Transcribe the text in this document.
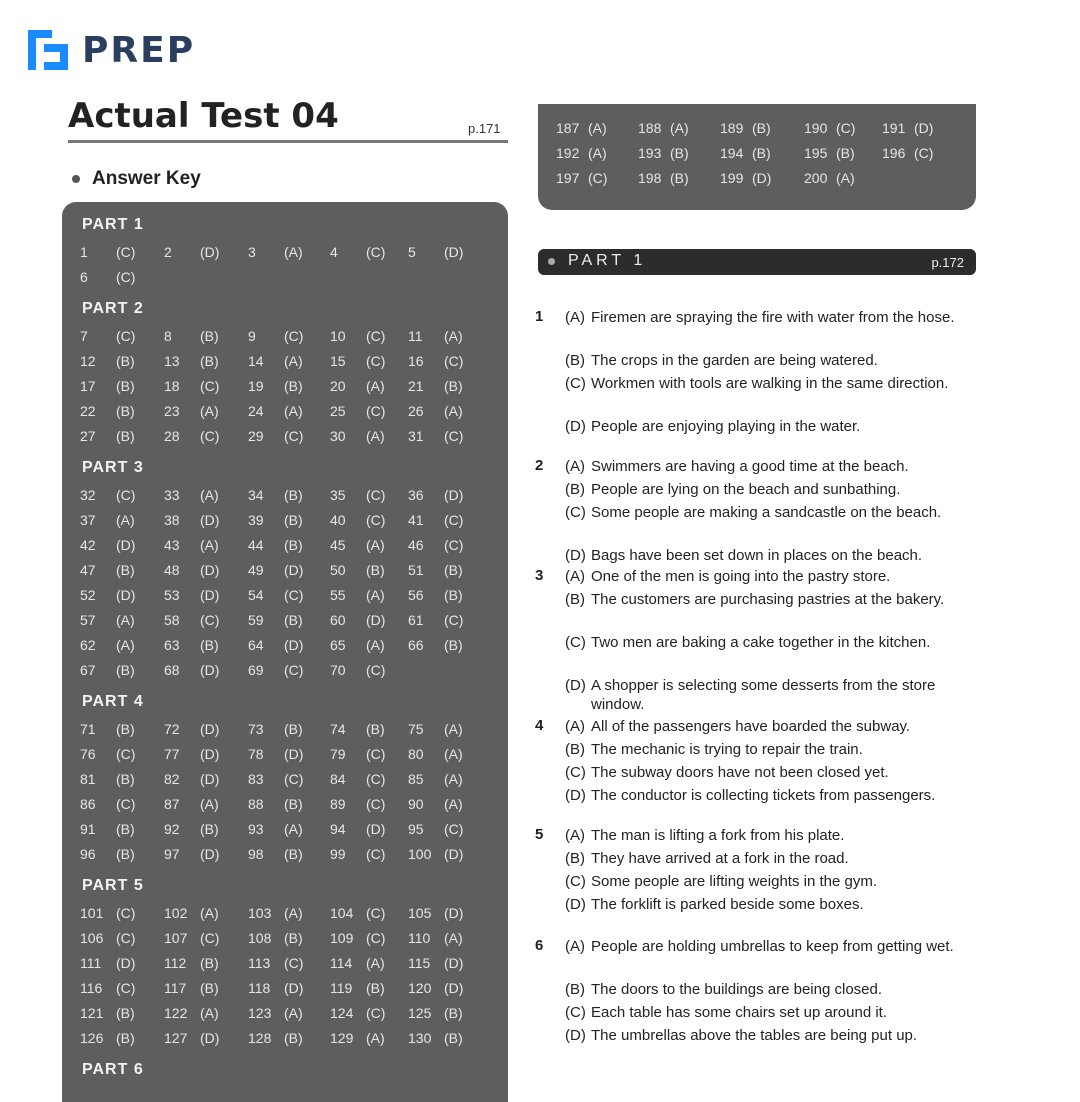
PREP
Actual Test 04	p.171
Answer Key
PART 1
1 (C) 2 (D) 3 (A) 4 (C) 5 (D)
6 (C)
PART 2
7 (C) 8 (B) 9 (C) 10 (C) 11 (A)
12 (B) 13 (B) 14 (A) 15 (C) 16 (C)
17 (B) 18 (C) 19 (B) 20 (A) 21 (B)
22 (B) 23 (A) 24 (A) 25 (C) 26 (A)
27 (B) 28 (C) 29 (C) 30 (A) 31 (C)
PART 3
32 (C) 33 (A) 34 (B) 35 (C) 36 (D)
37 (A) 38 (D) 39 (B) 40 (C) 41 (C)
42 (D) 43 (A) 44 (B) 45 (A) 46 (C)
47 (B) 48 (D) 49 (D) 50 (B) 51 (B)
52 (D) 53 (D) 54 (C) 55 (A) 56 (B)
57 (A) 58 (C) 59 (B) 60 (D) 61 (C)
62 (A) 63 (B) 64 (D) 65 (A) 66 (B)
67 (B) 68 (D) 69 (C) 70 (C)
PART 4
71 (B) 72 (D) 73 (B) 74 (B) 75 (A)
76 (C) 77 (D) 78 (D) 79 (C) 80 (A)
81 (B) 82 (D) 83 (C) 84 (C) 85 (A)
86 (C) 87 (A) 88 (B) 89 (C) 90 (A)
91 (B) 92 (B) 93 (A) 94 (D) 95 (C)
96 (B) 97 (D) 98 (B) 99 (C) 100 (D)
PART 5
101 (C) 102 (A) 103 (A) 104 (C) 105 (D)
106 (C) 107 (C) 108 (B) 109 (C) 110 (A)
111 (D) 112 (B) 113 (C) 114 (A) 115 (D)
116 (C) 117 (B) 118 (D) 119 (B) 120 (D)
121 (B) 122 (A) 123 (A) 124 (C) 125 (B)
126 (B) 127 (D) 128 (B) 129 (A) 130 (B)
PART 6
187 (A) 188 (A) 189 (B) 190 (C) 191 (D)
192 (A) 193 (B) 194 (B) 195 (B) 196 (C)
197 (C) 198 (B) 199 (D) 200 (A)
PART 1	p.172
1 (A) Firemen are spraying the fire with water from the hose.
(B) The crops in the garden are being watered.
(C) Workmen with tools are walking in the same direction.
(D) People are enjoying playing in the water.
2 (A) Swimmers are having a good time at the beach.
(B) People are lying on the beach and sunbathing.
(C) Some people are making a sandcastle on the beach.
(D) Bags have been set down in places on the beach.
3 (A) One of the men is going into the pastry store.
(B) The customers are purchasing pastries at the bakery.
(C) Two men are baking a cake together in the kitchen.
(D) A shopper is selecting some desserts from the store window.
4 (A) All of the passengers have boarded the subway.
(B) The mechanic is trying to repair the train.
(C) The subway doors have not been closed yet.
(D) The conductor is collecting tickets from passengers.
5 (A) The man is lifting a fork from his plate.
(B) They have arrived at a fork in the road.
(C) Some people are lifting weights in the gym.
(D) The forklift is parked beside some boxes.
6 (A) People are holding umbrellas to keep from getting wet.
(B) The doors to the buildings are being closed.
(C) Each table has some chairs set up around it.
(D) The umbrellas above the tables are being put up.
